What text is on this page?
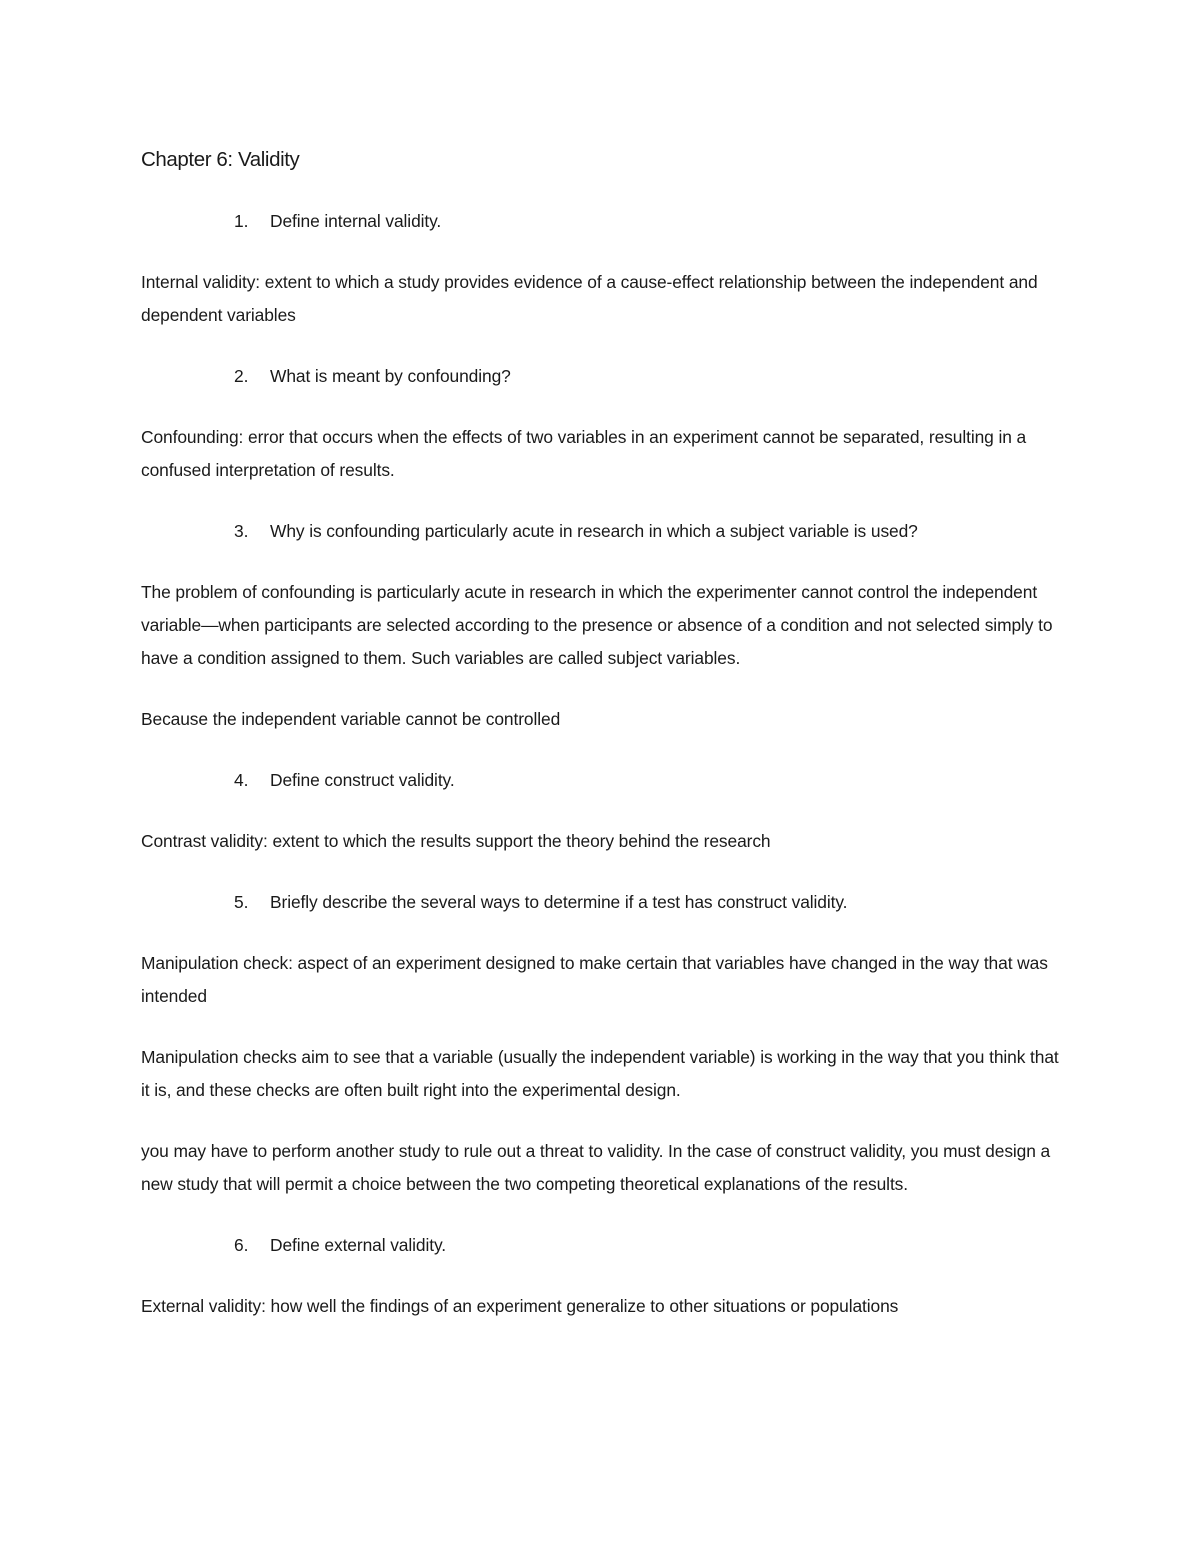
Chapter 6: Validity
1.	Define internal validity.
Internal validity: extent to which a study provides evidence of a cause-effect relationship between the independent and dependent variables
2.	What is meant by confounding?
Confounding: error that occurs when the effects of two variables in an experiment cannot be separated, resulting in a confused interpretation of results.
3.	Why is confounding particularly acute in research in which a subject variable is used?
The problem of confounding is particularly acute in research in which the experimenter cannot control the independent variable—when participants are selected according to the presence or absence of a condition and not selected simply to have a condition assigned to them. Such variables are called subject variables.
Because the independent variable cannot be controlled
4.	Define construct validity.
Contrast validity: extent to which the results support the theory behind the research
5.	Briefly describe the several ways to determine if a test has construct validity.
Manipulation check: aspect of an experiment designed to make certain that variables have changed in the way that was intended
Manipulation checks aim to see that a variable (usually the independent variable) is working in the way that you think that it is, and these checks are often built right into the experimental design.
you may have to perform another study to rule out a threat to validity. In the case of construct validity, you must design a new study that will permit a choice between the two competing theoretical explanations of the results.
6.	Define external validity.
External validity: how well the findings of an experiment generalize to other situations or populations
